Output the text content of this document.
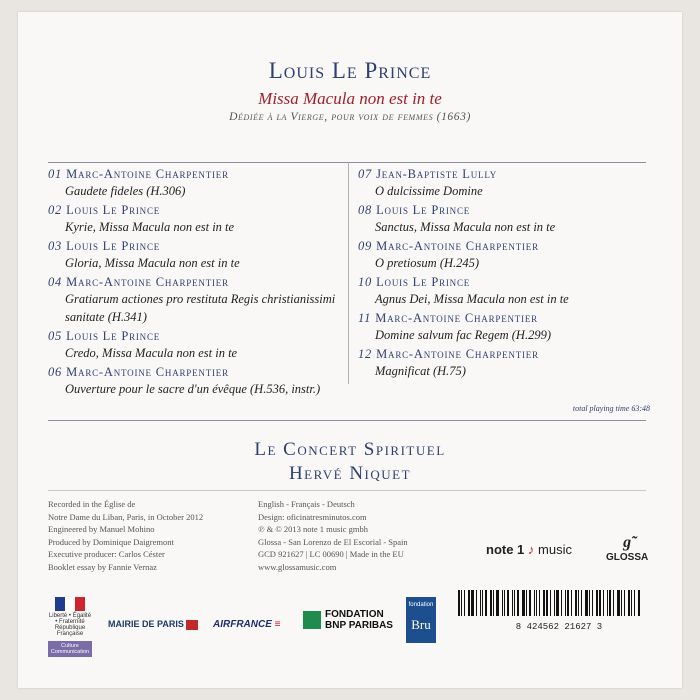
Louis Le Prince
Missa Macula non est in te
Dédiée à la Vierge, pour voix de femmes (1663)
01 Marc-Antoine Charpentier
Gaudete fideles (H.306)
02 Louis Le Prince
Kyrie, Missa Macula non est in te
03 Louis Le Prince
Gloria, Missa Macula non est in te
04 Marc-Antoine Charpentier
Gratiarum actiones pro restituta Regis christianissimi sanitate (H.341)
05 Louis Le Prince
Credo, Missa Macula non est in te
06 Marc-Antoine Charpentier
Ouverture pour le sacre d'un évêque (H.536, instr.)
07 Jean-Baptiste Lully
O dulcissime Domine
08 Louis Le Prince
Sanctus, Missa Macula non est in te
09 Marc-Antoine Charpentier
O pretiosum (H.245)
10 Louis Le Prince
Agnus Dei, Missa Macula non est in te
11 Marc-Antoine Charpentier
Domine salvum fac Regem (H.299)
12 Marc-Antoine Charpentier
Magnificat (H.75)
total playing time 63:48
Le Concert Spirituel
Hervé Niquet
Recorded in the Église de
Notre Dame du Liban, Paris, in October 2012
Engineered by Manuel Mohino
Produced by Dominique Daigremont
Executive producer: Carlos Céster
Booklet essay by Fannie Vernaz
English - Français - Deutsch
Design: oficinatresminutos.com
℗ & © 2013 note 1 music gmbh
Glossa - San Lorenzo de El Escorial - Spain
GCD 921627 | LC 00690 | Made in the EU
www.glossamusic.com
note 1 ♪ music	ɡ̃
GLOSSA
8 424562 21627 3
Liberté • Égalité • Fraternité
République Française
Culture Communication
MAIRIE DE PARIS	AIRFRANCE ≡
FONDATION BNP PARIBAS
fondation
Bru
